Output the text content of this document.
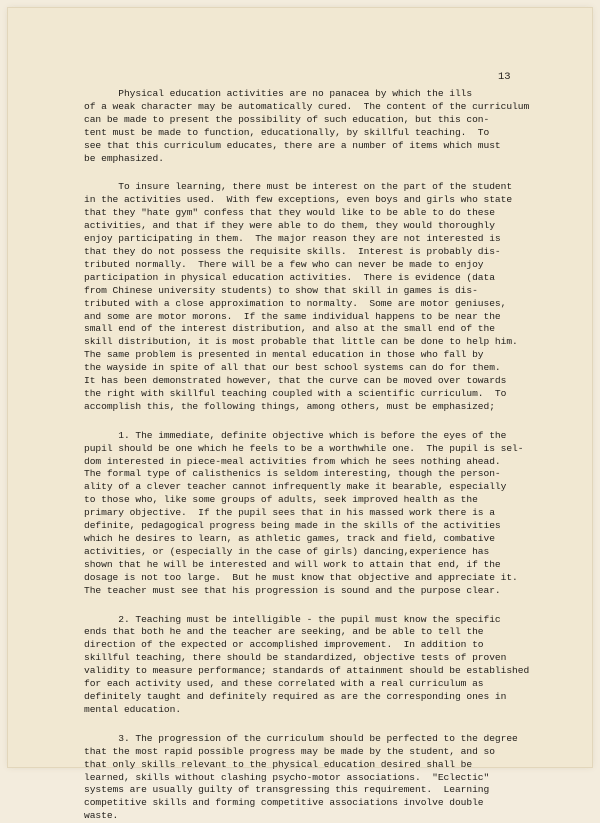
13
Physical education activities are no panacea by which the ills
of a weak character may be automatically cured.  The content of the curriculum
can be made to present the possibility of such education, but this con-
tent must be made to function, educationally, by skillful teaching.  To
see that this curriculum educates, there are a number of items which must
be emphasized.
To insure learning, there must be interest on the part of the student
in the activities used.  With few exceptions, even boys and girls who state
that they "hate gym" confess that they would like to be able to do these
activities, and that if they were able to do them, they would thoroughly
enjoy participating in them.  The major reason they are not interested is
that they do not possess the requisite skills.  Interest is probably dis-
tributed normally.  There will be a few who can never be made to enjoy
participation in physical education activities.  There is evidence (data
from Chinese university students) to show that skill in games is dis-
tributed with a close approximation to normalty.  Some are motor geniuses,
and some are motor morons.  If the same individual happens to be near the
small end of the interest distribution, and also at the small end of the
skill distribution, it is most probable that little can be done to help him.
The same problem is presented in mental education in those who fall by
the wayside in spite of all that our best school systems can do for them.
It has been demonstrated however, that the curve can be moved over towards
the right with skillful teaching coupled with a scientific curriculum.  To
accomplish this, the following things, among others, must be emphasized;
1. The immediate, definite objective which is before the eyes of the
pupil should be one which he feels to be a worthwhile one.  The pupil is sel-
dom interested in piece-meal activities from which he sees nothing ahead.
The formal type of calisthenics is seldom interesting, though the person-
ality of a clever teacher cannot infrequently make it bearable, especially
to those who, like some groups of adults, seek improved health as the
primary objective.  If the pupil sees that in his massed work there is a
definite, pedagogical progress being made in the skills of the activities
which he desires to learn, as athletic games, track and field, combative
activities, or (especially in the case of girls) dancing,experience has
shown that he will be interested and will work to attain that end, if the
dosage is not too large.  But he must know that objective and appreciate it.
The teacher must see that his progression is sound and the purpose clear.
2. Teaching must be intelligible - the pupil must know the specific
ends that both he and the teacher are seeking, and be able to tell the
direction of the expected or accomplished improvement.  In addition to
skillful teaching, there should be standardized, objective tests of proven
validity to measure performance; standards of attainment should be established
for each activity used, and these correlated with a real curriculum as
definitely taught and definitely required as are the corresponding ones in
mental education.
3. The progression of the curriculum should be perfected to the degree
that the most rapid possible progress may be made by the student, and so
that only skills relevant to the physical education desired shall be
learned, skills without clashing psycho-motor associations.  "Eclectic"
systems are usually guilty of transgressing this requirement.  Learning
competitive skills and forming competitive associations involve double
waste.
